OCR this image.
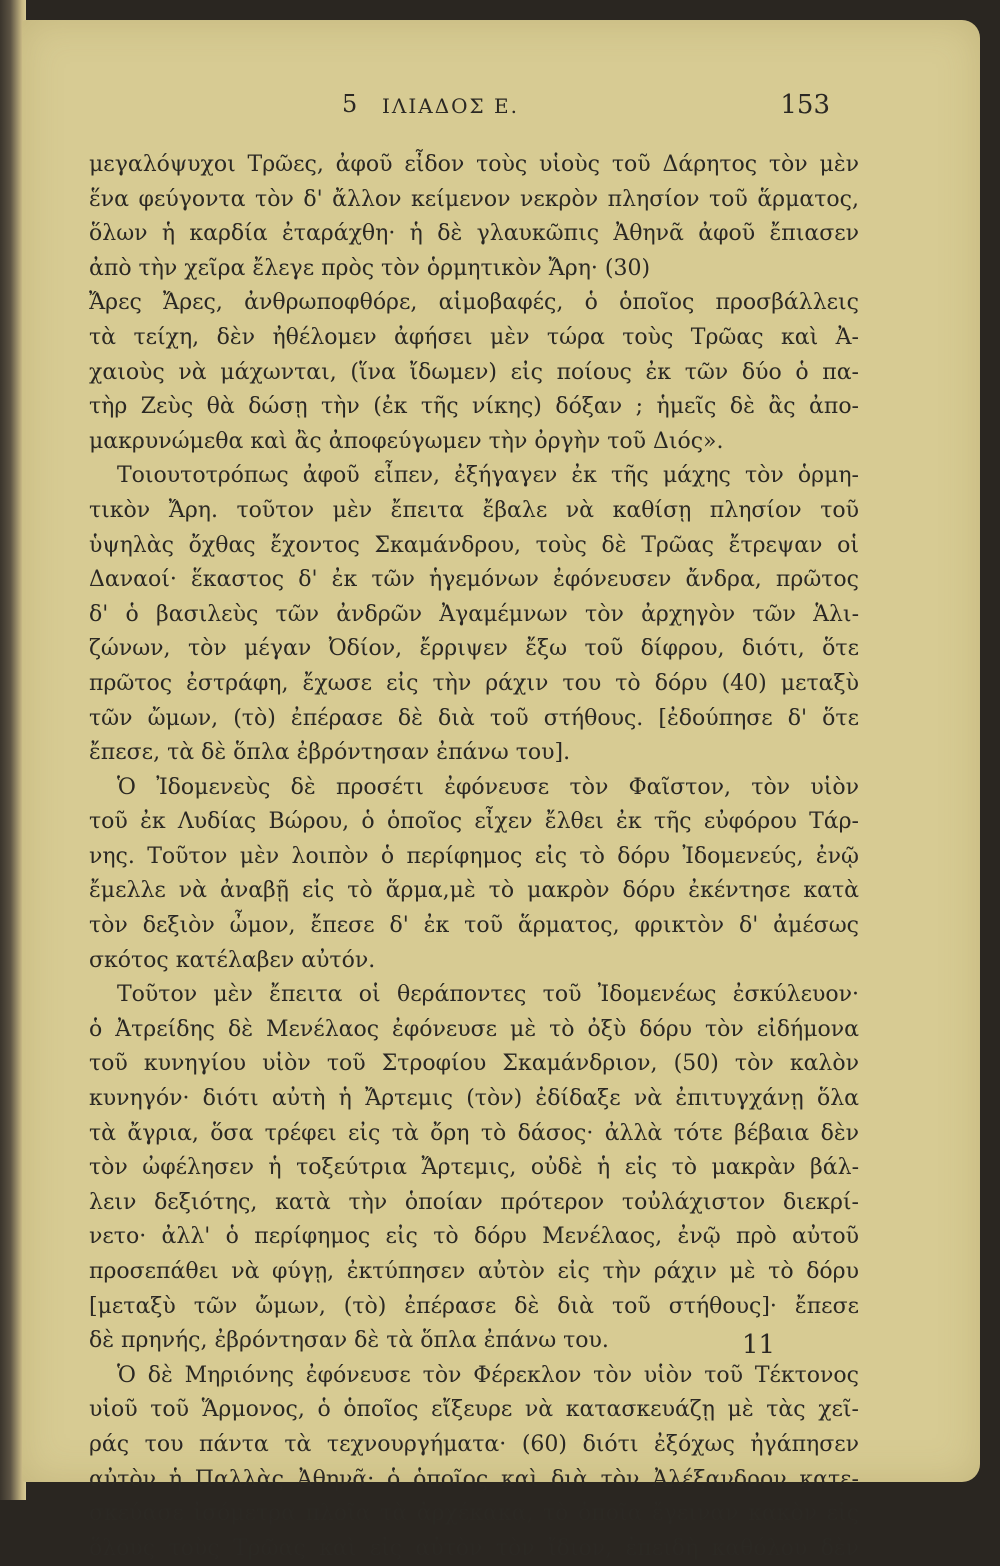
5 ΙΛΙΑΔΟΣ Ε.	153
μεγαλόψυχοι Τρῶες, ἀφοῦ εἶδον τοὺς υἱοὺς τοῦ Δάρητος τὸν μὲν
ἕνα φεύγοντα τὸν δ' ἄλλον κείμενον νεκρὸν πλησίον τοῦ ἅρματος,
ὅλων ἡ καρδία ἐταράχθη· ἡ δὲ γλαυκῶπις Ἀθηνᾶ ἀφοῦ ἔπιασεν
ἀπὸ τὴν χεῖρα ἔλεγε πρὸς τὸν ὁρμητικὸν Ἄρη· (30)
Ἄρες Ἄρες, ἀνθρωποφθόρε, αἱμοβαφές, ὁ ὁποῖος προσβάλλεις
τὰ τείχη, δὲν ἠθέλομεν ἀφήσει μὲν τώρα τοὺς Τρῶας καὶ Ἀ-
χαιοὺς νὰ μάχωνται, (ἵνα ἴδωμεν) εἰς ποίους ἐκ τῶν δύο ὁ πα-
τὴρ Ζεὺς θὰ δώσῃ τὴν (ἐκ τῆς νίκης) δόξαν ; ἡμεῖς δὲ ἂς ἀπο-
μακρυνώμεθα καὶ ἂς ἀποφεύγωμεν τὴν ὀργὴν τοῦ Διός».
Τοιουτοτρόπως ἀφοῦ εἶπεν, ἐξήγαγεν ἐκ τῆς μάχης τὸν ὁρμη-
τικὸν Ἄρη. τοῦτον μὲν ἔπειτα ἔβαλε νὰ καθίσῃ πλησίον τοῦ
ὑψηλὰς ὄχθας ἔχοντος Σκαμάνδρου, τοὺς δὲ Τρῶας ἔτρεψαν οἱ
Δαναοί· ἕκαστος δ' ἐκ τῶν ἡγεμόνων ἐφόνευσεν ἄνδρα, πρῶτος
δ' ὁ βασιλεὺς τῶν ἀνδρῶν Ἀγαμέμνων τὸν ἀρχηγὸν τῶν Ἁλι-
ζώνων, τὸν μέγαν Ὀδίον, ἔρριψεν ἔξω τοῦ δίφρου, διότι, ὅτε
πρῶτος ἐστράφη, ἔχωσε εἰς τὴν ράχιν του τὸ δόρυ (40) μεταξὺ
τῶν ὤμων, (τὸ) ἐπέρασε δὲ διὰ τοῦ στήθους. [ἐδούπησε δ' ὅτε
ἔπεσε, τὰ δὲ ὅπλα ἐβρόντησαν ἐπάνω του].
Ὁ Ἰδομενεὺς δὲ προσέτι ἐφόνευσε τὸν Φαῖστον, τὸν υἱὸν
τοῦ ἐκ Λυδίας Βώρου, ὁ ὁποῖος εἶχεν ἔλθει ἐκ τῆς εὐφόρου Τάρ-
νης. Τοῦτον μὲν λοιπὸν ὁ περίφημος εἰς τὸ δόρυ Ἰδομενεύς, ἐνῷ
ἔμελλε νὰ ἀναβῇ εἰς τὸ ἅρμα,μὲ τὸ μακρὸν δόρυ ἐκέντησε κατὰ
τὸν δεξιὸν ὦμον, ἔπεσε δ' ἐκ τοῦ ἅρματος, φρικτὸν δ' ἀμέσως
σκότος κατέλαβεν αὐτόν.
Τοῦτον μὲν ἔπειτα οἱ θεράποντες τοῦ Ἰδομενέως ἐσκύλευον·
ὁ Ἀτρείδης δὲ Μενέλαος ἐφόνευσε μὲ τὸ ὀξὺ δόρυ τὸν εἰδήμονα
τοῦ κυνηγίου υἱὸν τοῦ Στροφίου Σκαμάνδριον, (50) τὸν καλὸν
κυνηγόν· διότι αὐτὴ ἡ Ἄρτεμις (τὸν) ἐδίδαξε νὰ ἐπιτυγχάνῃ ὅλα
τὰ ἄγρια, ὅσα τρέφει εἰς τὰ ὄρη τὸ δάσος· ἀλλὰ τότε βέβαια δὲν
τὸν ὠφέλησεν ἡ τοξεύτρια Ἄρτεμις, οὐδὲ ἡ εἰς τὸ μακρὰν βάλ-
λειν δεξιότης, κατὰ τὴν ὁποίαν πρότερον τοὐλάχιστον διεκρί-
νετο· ἀλλ' ὁ περίφημος εἰς τὸ δόρυ Μενέλαος, ἐνῷ πρὸ αὐτοῦ
προσεπάθει νὰ φύγῃ, ἐκτύπησεν αὐτὸν εἰς τὴν ράχιν μὲ τὸ δόρυ
[μεταξὺ τῶν ὤμων, (τὸ) ἐπέρασε δὲ διὰ τοῦ στήθους]· ἔπεσε
δὲ πρηνής, ἐβρόντησαν δὲ τὰ ὅπλα ἐπάνω του.
Ὁ δὲ Μηριόνης ἐφόνευσε τὸν Φέρεκλον τὸν υἱὸν τοῦ Τέκτονος
υἱοῦ τοῦ Ἅρμονος, ὁ ὁποῖος εἴξευρε νὰ κατασκευάζῃ μὲ τὰς χεῖ-
ράς του πάντα τὰ τεχνουργήματα· (60) διότι ἐξόχως ἠγάπησεν
αὐτὸν ἡ Παλλὰς Ἀθηνᾶ· ὁ ὁποῖος καὶ διὰ τὸν Ἀλέξανδρον κατε-
σκεύασε ἰσόμετρα πλοῖα τὰ ἀρχέκακα, τὸ ὁποῖα ἔγειναν κακὸν εἰς
ὅλους τοὺς Τρῶας καὶ εἰς αὐτὸν τὸν ἴδιον, ἐπειδὴ καθόλου δὲν
11
